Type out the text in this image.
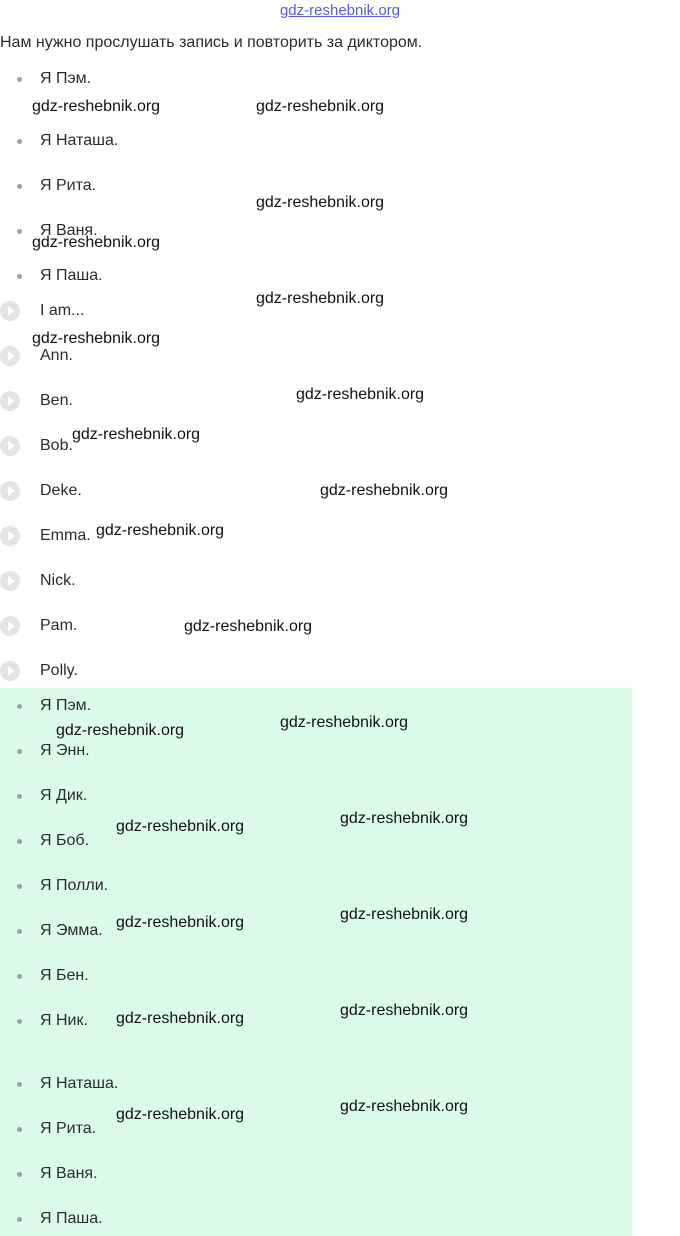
gdz-reshebnik.org
Нам нужно прослушать запись и повторить за диктором.
Я Пэм.
Я Наташа.
Я Рита.
Я Ваня.
Я Паша.
I am...
Ann.
Ben.
Bob.
Deke.
Emma.
Nick.
Pam.
Polly.
Я Пэм.
Я Энн.
Я Дик.
Я Боб.
Я Полли.
Я Эмма.
Я Бен.
Я Ник.
Я Наташа.
Я Рита.
Я Ваня.
Я Паша.
gdz-reshebnik.org	gdz-reshebnik.org
gdz-reshebnik.org
gdz-reshebnik.org
gdz-reshebnik.org
gdz-reshebnik.org
gdz-reshebnik.org
gdz-reshebnik.org
gdz-reshebnik.org
gdz-reshebnik.org
gdz-reshebnik.org
gdz-reshebnik.org
gdz-reshebnik.org
gdz-reshebnik.org
gdz-reshebnik.org
gdz-reshebnik.org
gdz-reshebnik.org
gdz-reshebnik.org
gdz-reshebnik.org
gdz-reshebnik.org
gdz-reshebnik.org
